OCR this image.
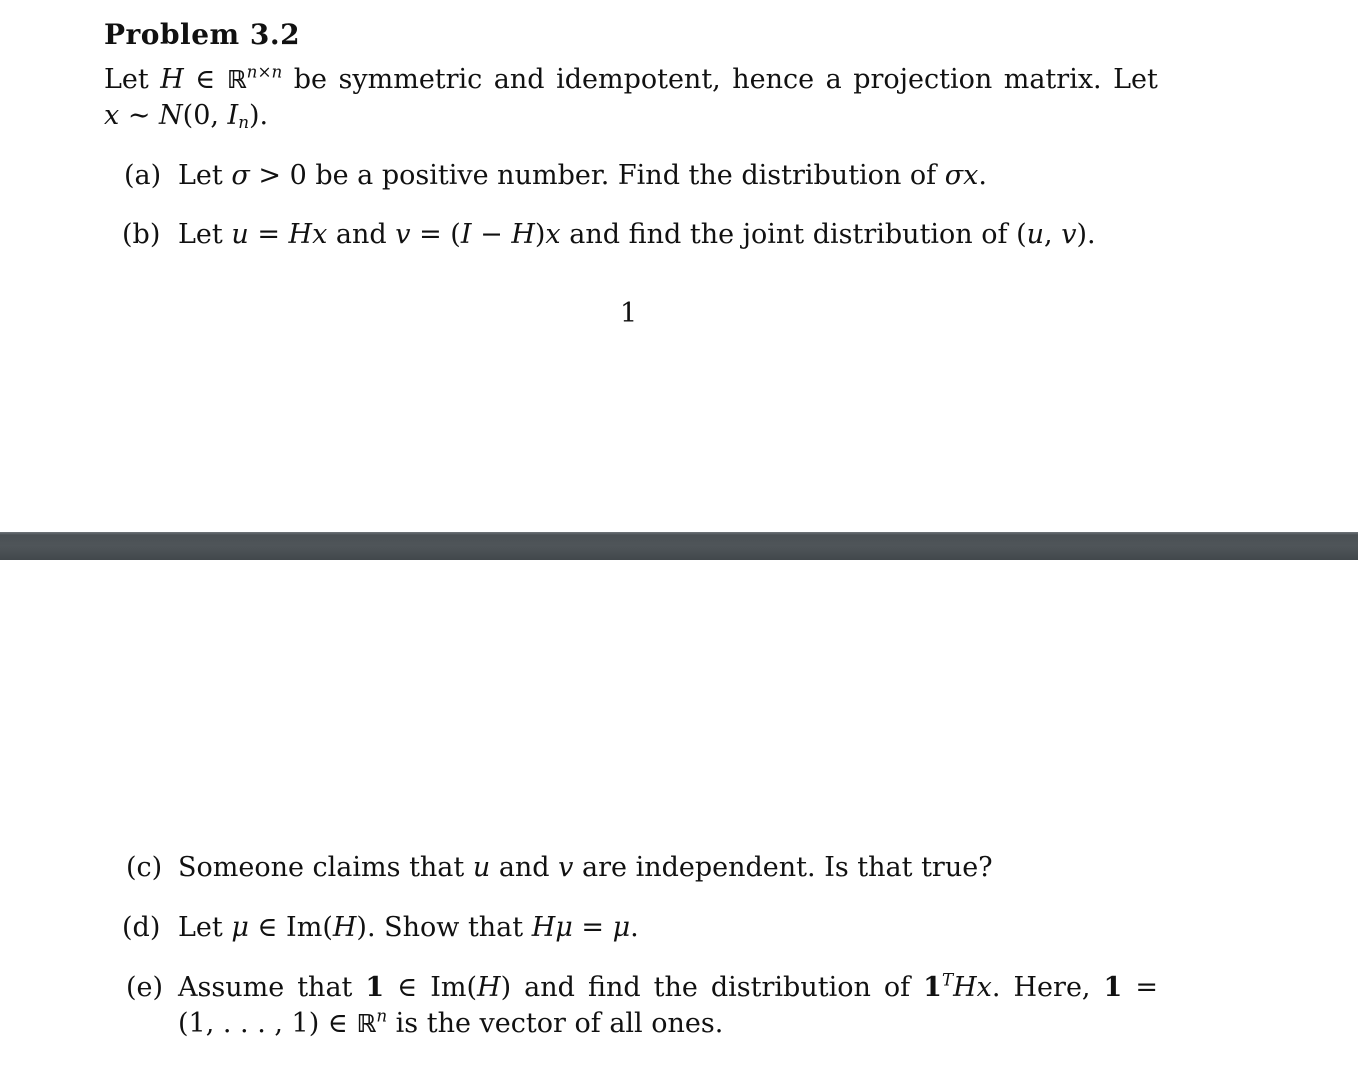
Problem 3.2
Let H ∈ ℝ$^{n\times n}$ be symmetric and idempotent, hence a projection matrix. Let
x ∼ N(0, $I_n$).
(a) Let σ > 0 be a positive number. Find the distribution of σx.
(b) Let u = Hx and v = (I − H)x and find the joint distribution of (u, v).
1
(c) Someone claims that u and v are independent. Is that true?
(d) Let μ ∈ Im(H). Show that Hμ = μ.
(e) Assume that 1 ∈ Im(H) and find the distribution of $1^THx$. Here, 1 =
(1, . . . , 1) ∈ ℝ$^n$ is the vector of all ones.
